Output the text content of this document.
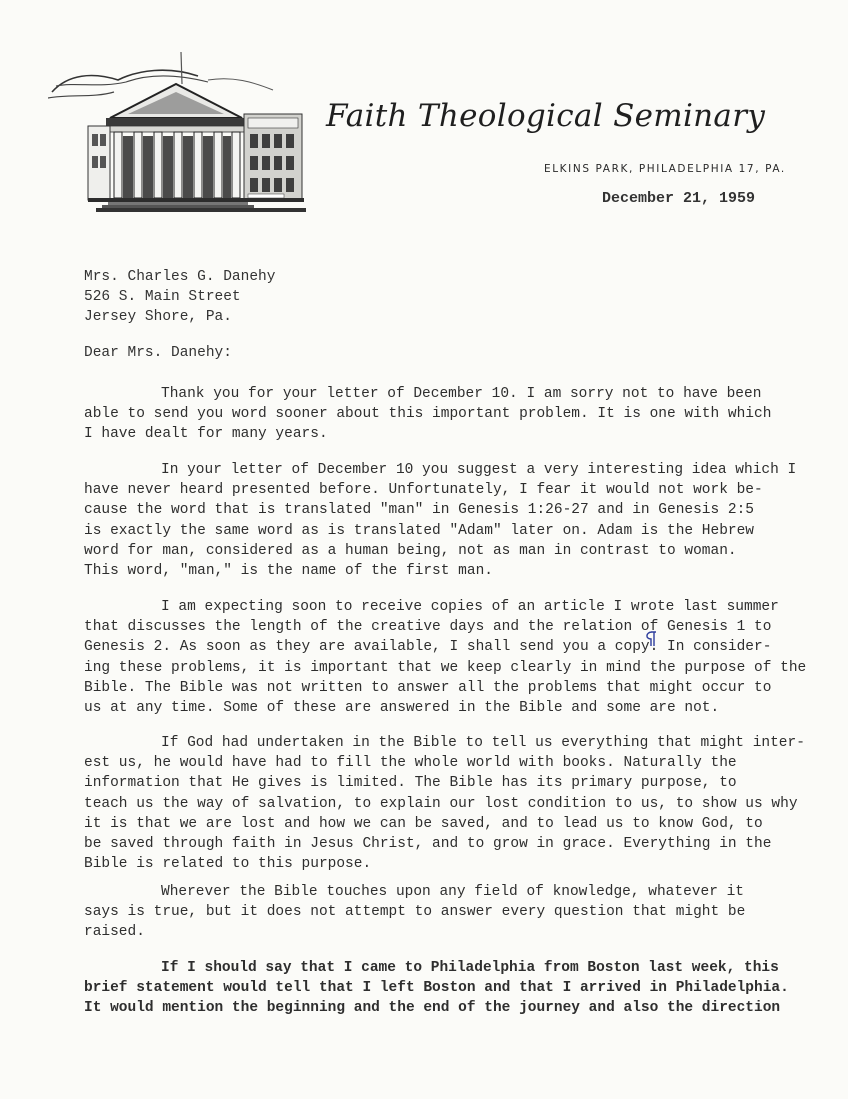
Faith Theological Seminary
ELKINS PARK, PHILADELPHIA 17, PA.
December 21, 1959
Mrs. Charles G. Danehy
526 S. Main Street
Jersey Shore, Pa.
Dear Mrs. Danehy:
Thank you for your letter of December 10. I am sorry not to have been
able to send you word sooner about this important problem. It is one with which
I have dealt for many years.
In your letter of December 10 you suggest a very interesting idea which I
have never heard presented before. Unfortunately, I fear it would not work be-
cause the word that is translated "man" in Genesis 1:26-27 and in Genesis 2:5
is exactly the same word as is translated "Adam" later on. Adam is the Hebrew
word for man, considered as a human being, not as man in contrast to woman.
This word, "man," is the name of the first man.
I am expecting soon to receive copies of an article I wrote last summer
that discusses the length of the creative days and the relation of Genesis 1 to
Genesis 2. As soon as they are available, I shall send you a copy. In consider-
ing these problems, it is important that we keep clearly in mind the purpose of the
Bible. The Bible was not written to answer all the problems that might occur to
us at any time. Some of these are answered in the Bible and some are not.
If God had undertaken in the Bible to tell us everything that might inter-
est us, he would have had to fill the whole world with books. Naturally the
information that He gives is limited. The Bible has its primary purpose, to
teach us the way of salvation, to explain our lost condition to us, to show us why
it is that we are lost and how we can be saved, and to lead us to know God, to
be saved through faith in Jesus Christ, and to grow in grace. Everything in the
Bible is related to this purpose.
Wherever the Bible touches upon any field of knowledge, whatever it
says is true, but it does not attempt to answer every question that might be
raised.
If I should say that I came to Philadelphia from Boston last week, this
brief statement would tell that I left Boston and that I arrived in Philadelphia.
It would mention the beginning and the end of the journey and also the direction
